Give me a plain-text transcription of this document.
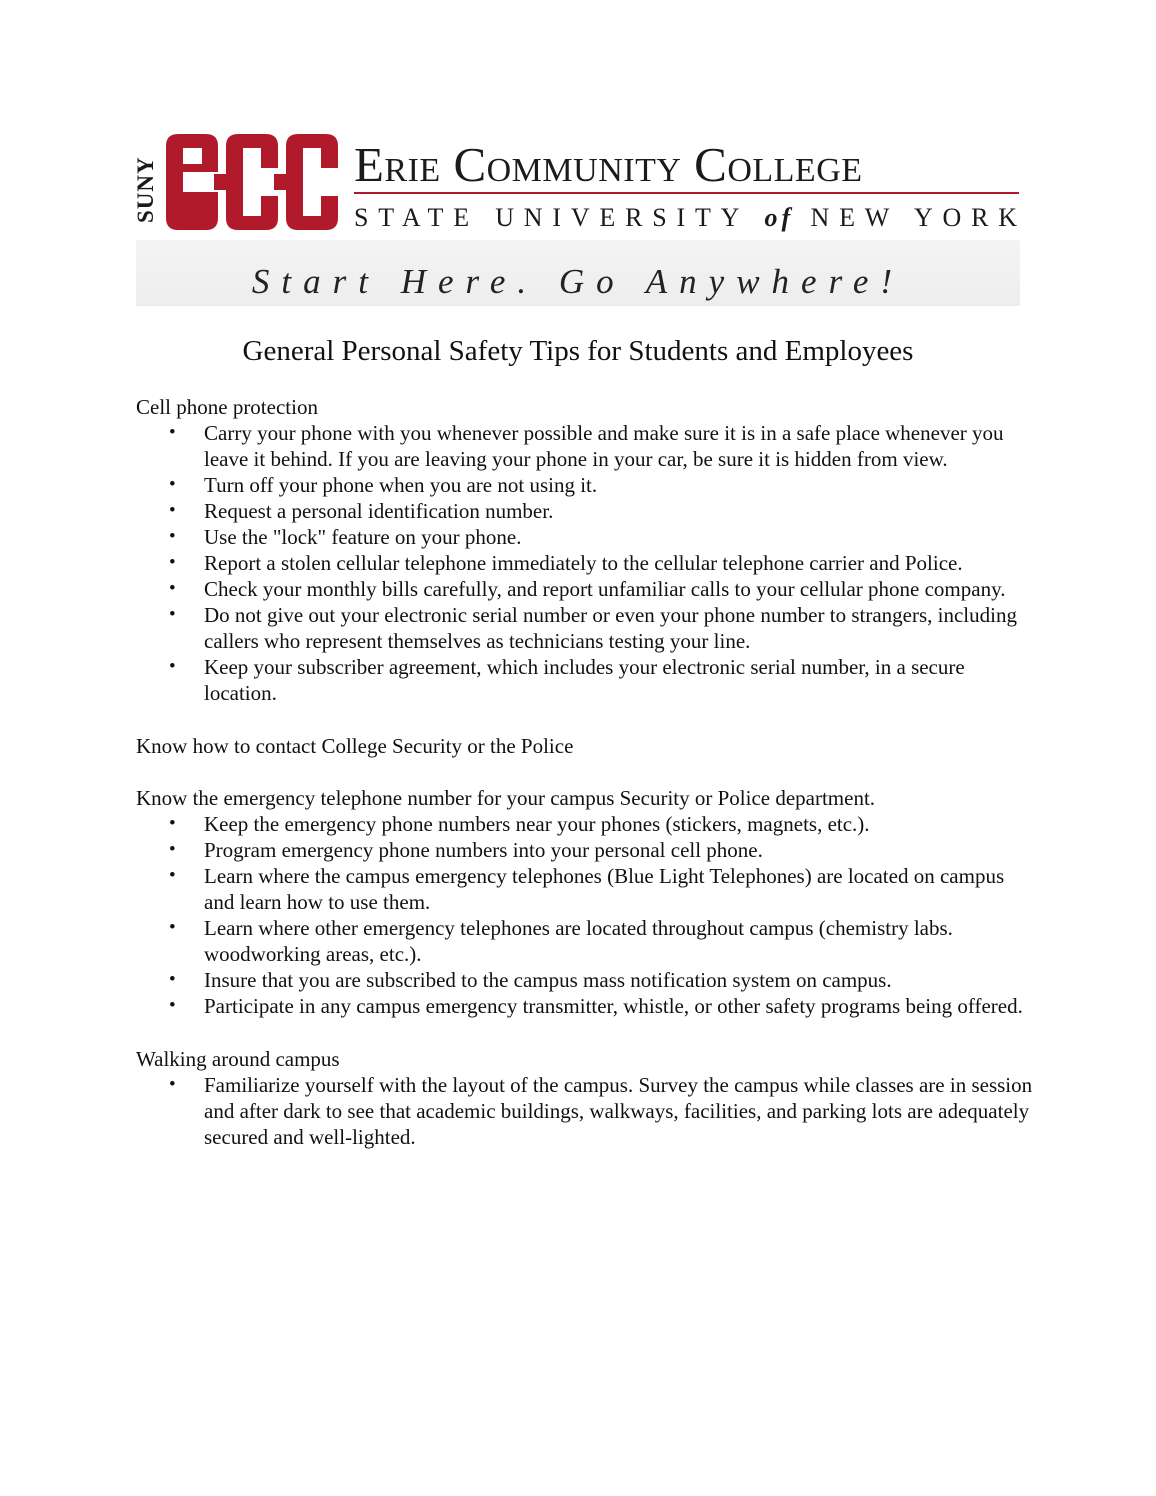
SUNY	Erie Community College
STATE UNIVERSITY of NEW YORK
Start Here. Go Anywhere!
General Personal Safety Tips for Students and Employees

Cell phone protection

• Carry your phone with you whenever possible and make sure it is in a safe place whenever you leave it behind. If you are leaving your phone in your car, be sure it is hidden from view.
• Turn off your phone when you are not using it.
• Request a personal identification number.
• Use the "lock" feature on your phone.
• Report a stolen cellular telephone immediately to the cellular telephone carrier and Police.
• Check your monthly bills carefully, and report unfamiliar calls to your cellular phone company.
• Do not give out your electronic serial number or even your phone number to strangers, including callers who represent themselves as technicians testing your line.
• Keep your subscriber agreement, which includes your electronic serial number, in a secure location.

Know how to contact College Security or the Police

Know the emergency telephone number for your campus Security or Police department.

• Keep the emergency phone numbers near your phones (stickers, magnets, etc.).
• Program emergency phone numbers into your personal cell phone.
• Learn where the campus emergency telephones (Blue Light Telephones) are located on campus and learn how to use them.
• Learn where other emergency telephones are located throughout campus (chemistry labs. woodworking areas, etc.).
• Insure that you are subscribed to the campus mass notification system on campus.
• Participate in any campus emergency transmitter, whistle, or other safety programs being offered.

Walking around campus

• Familiarize yourself with the layout of the campus. Survey the campus while classes are in session and after dark to see that academic buildings, walkways, facilities, and parking lots are adequately secured and well-lighted.
